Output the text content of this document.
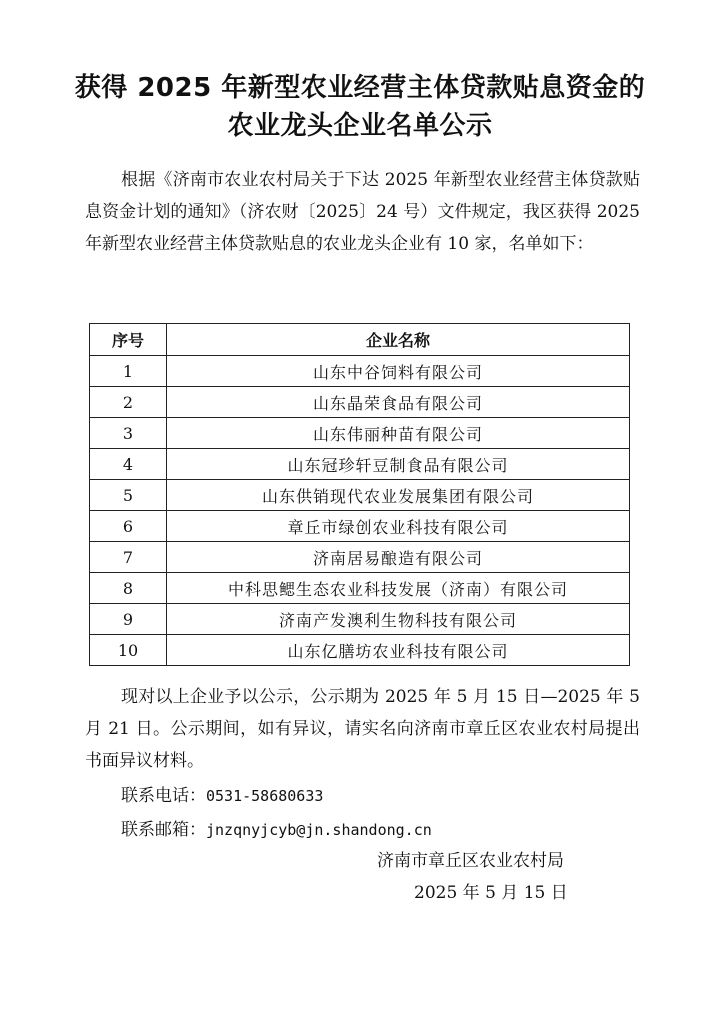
获得 2025 年新型农业经营主体贷款贴息资金的
农业龙头企业名单公示
根据《济南市农业农村局关于下达 2025 年新型农业经营主体贷款贴息资金计划的通知》（济农财〔2025〕24 号）文件规定，我区获得 2025 年新型农业经营主体贷款贴息的农业龙头企业有 10 家，名单如下：
序号	企业名称
1	山东中谷饲料有限公司
2	山东晶荣食品有限公司
3	山东伟丽种苗有限公司
4	山东冠珍轩豆制食品有限公司
5	山东供销现代农业发展集团有限公司
6	章丘市绿创农业科技有限公司
7	济南居易酿造有限公司
8	中科思鳃生态农业科技发展（济南）有限公司
9	济南产发澳利生物科技有限公司
10	山东亿膳坊农业科技有限公司
现对以上企业予以公示，公示期为 2025 年 5 月 15 日—2025 年 5 月 21 日。公示期间，如有异议，请实名向济南市章丘区农业农村局提出书面异议材料。
联系电话：0531-58680633
联系邮箱：jnzqnyjcyb@jn.shandong.cn
济南市章丘区农业农村局
2025 年 5 月 15 日
